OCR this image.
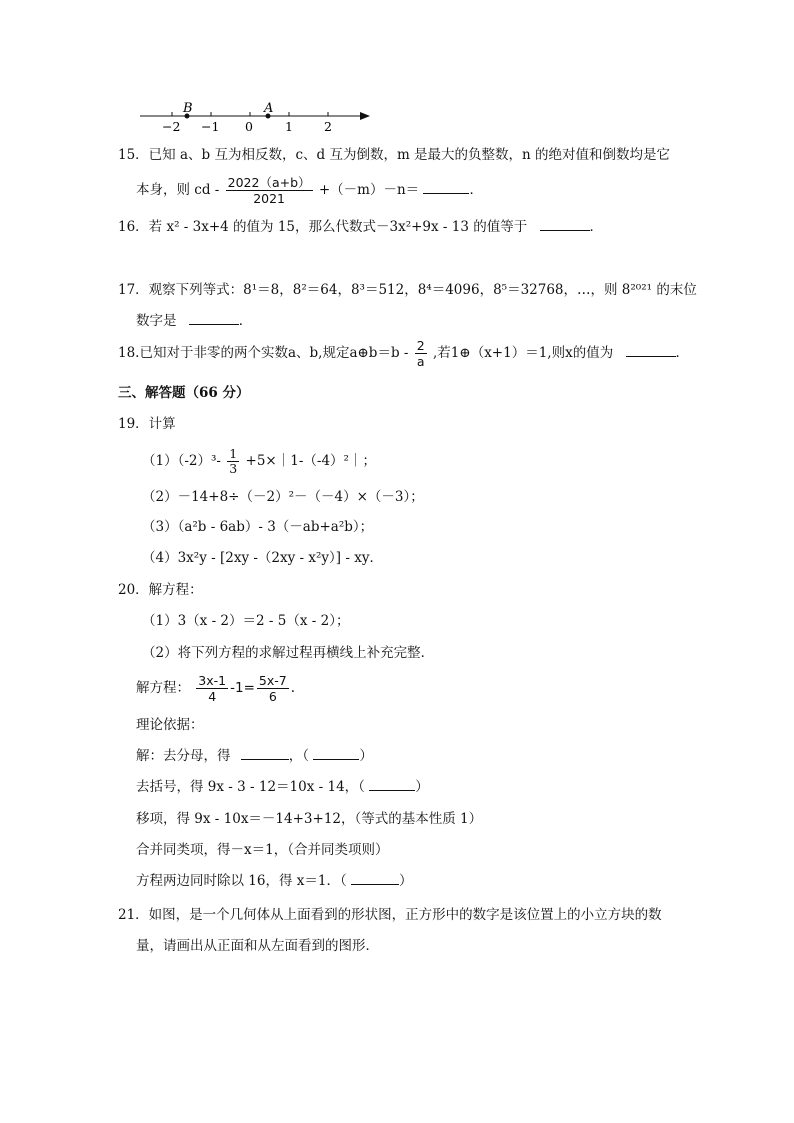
B	A
−2 −1 0	1 2
15．已知 a、b 互为相反数，c、d 互为倒数，m 是最大的负整数，n 的绝对值和倒数均是它
本身，则 cd - $\frac{2022(a+b)}{2021} +(-m)-n=$	．
16．若 x² - 3x+4 的值为 15，那么代数式－3x²+9x - 13 的值等于	．
17．观察下列等式：8¹＝8，8²＝64，8³＝512，8⁴＝4096，8⁵＝32768，…，则 8²⁰²¹ 的末位
数字是	．
18.已知对于非零的两个实数a、b,规定a⊕b＝b - $\frac{2}{a}$ ,若1⊕（x+1）＝1,则x的值为	．
三、解答题（66 分）
19．计算
$(1)(-2)^3- \frac{1}{3}$ +5×｜1-（-4）²｜；
（2）－14+8÷（－2）²－（－4）×（－3）；
（3）（a²b - 6ab）- 3（－ab+a²b）；
（4）3x²y - [2xy -（2xy - x²y）] - xy．
20．解方程：
（1）3（x - 2）＝2 - 5（x - 2）；
（2）将下列方程的求解过程再横线上补充完整．
解方程： $\frac{3x-1}{4} -1= \frac{5x-7}{6}$ .
理论依据：
解：去分母，得	，（	）
去括号，得 9x - 3 - 12＝10x - 14，（	）
移项，得 9x - 10x＝－14+3+12，（等式的基本性质 1）
合并同类项，得－x＝1，（合并同类项则）
方程两边同时除以 16，得 x＝1．（	）
21．如图，是一个几何体从上面看到的形状图，正方形中的数字是该位置上的小立方块的数
量，请画出从正面和从左面看到的图形．
